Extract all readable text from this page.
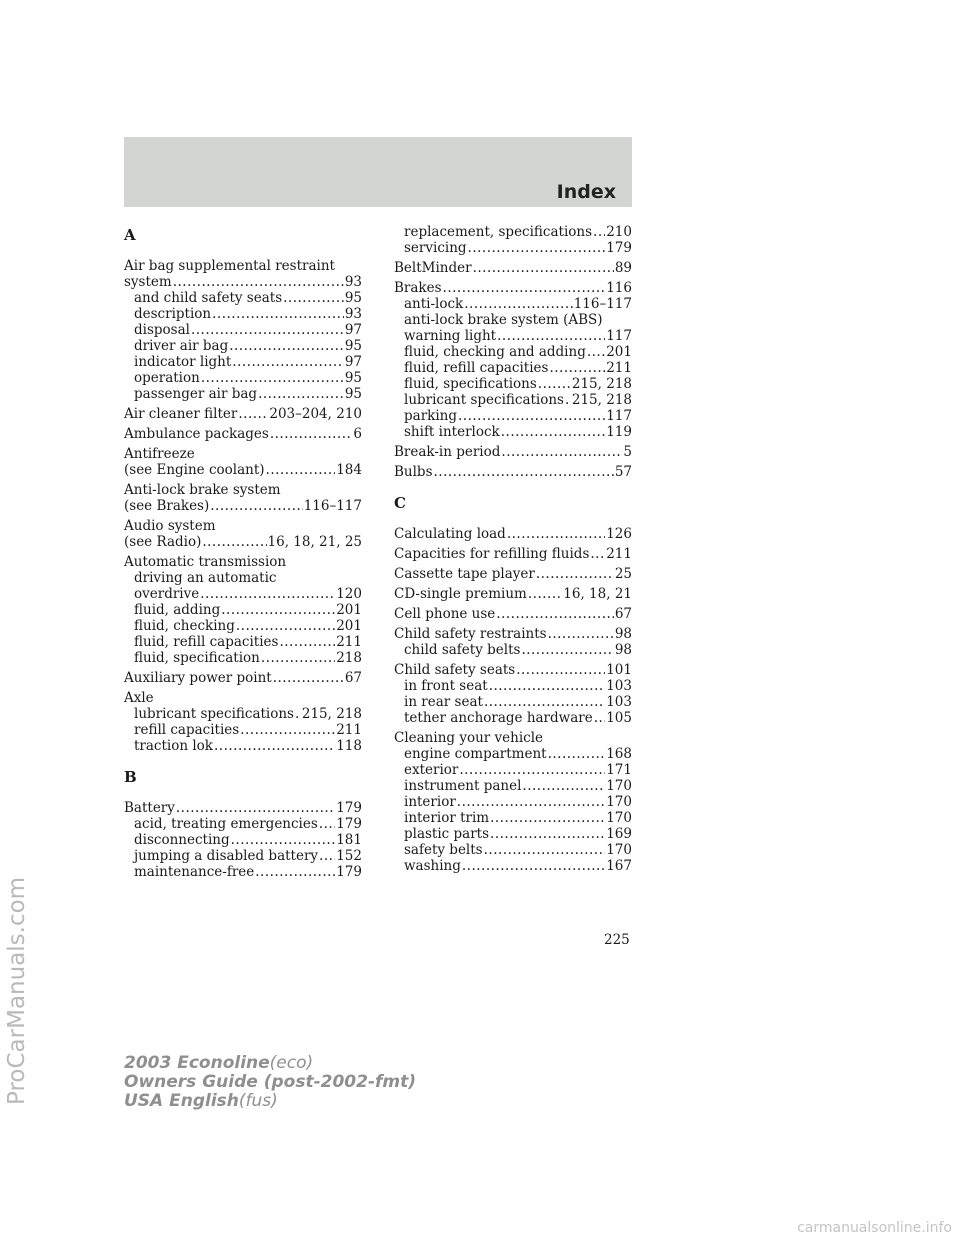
Index
A
Air bag supplemental restraint
system .....	93
and child safety seats .....	95
description .....	93
disposal .....	97
driver air bag .....	95
indicator light .....	97
operation .....	95
passenger air bag .....	95
Air cleaner filter ..... 203–204, 210
Ambulance packages .....	6
Antifreeze
(see Engine coolant) .....	184
Anti-lock brake system
(see Brakes) .....	116–117
Audio system
(see Radio) .....	16, 18, 21, 25
Automatic transmission
driving an automatic
overdrive .....	120
fluid, adding .....	201
fluid, checking .....	201
fluid, refill capacities .....	211
fluid, specification .....	218
Auxiliary power point .....	67
Axle
lubricant specifications ..... 215, 218
refill capacities .....	211
traction lok .....	118
B
Battery .....	179
acid, treating emergencies ..... 179
disconnecting .....	181
jumping a disabled battery ..... 152
maintenance-free .....	179
replacement, specifications ..... 210
servicing .....	179
BeltMinder .....	89
Brakes .....	116
anti-lock .....	116–117
anti-lock brake system (ABS)
warning light .....	117
fluid, checking and adding ..... 201
fluid, refill capacities .....	211
fluid, specifications .....	215, 218
lubricant specifications ..... 215, 218
parking .....	117
shift interlock .....	119
Break-in period .....	5
Bulbs .....	57
C
Calculating load .....	126
Capacities for refilling fluids ..... 211
Cassette tape player .....	25
CD-single premium .....	16, 18, 21
Cell phone use .....	67
Child safety restraints .....	98
child safety belts .....	98
Child safety seats .....	101
in front seat .....	103
in rear seat .....	103
tether anchorage hardware ..... 105
Cleaning your vehicle
engine compartment .....	168
exterior .....	171
instrument panel .....	170
interior .....	170
interior trim .....	170
plastic parts .....	169
safety belts .....	170
washing .....	167
225
2003 Econoline(eco)
Owners Guide (post-2002-fmt)
USA English(fus)
ProCarManuals.com
carmanualsonline.info
